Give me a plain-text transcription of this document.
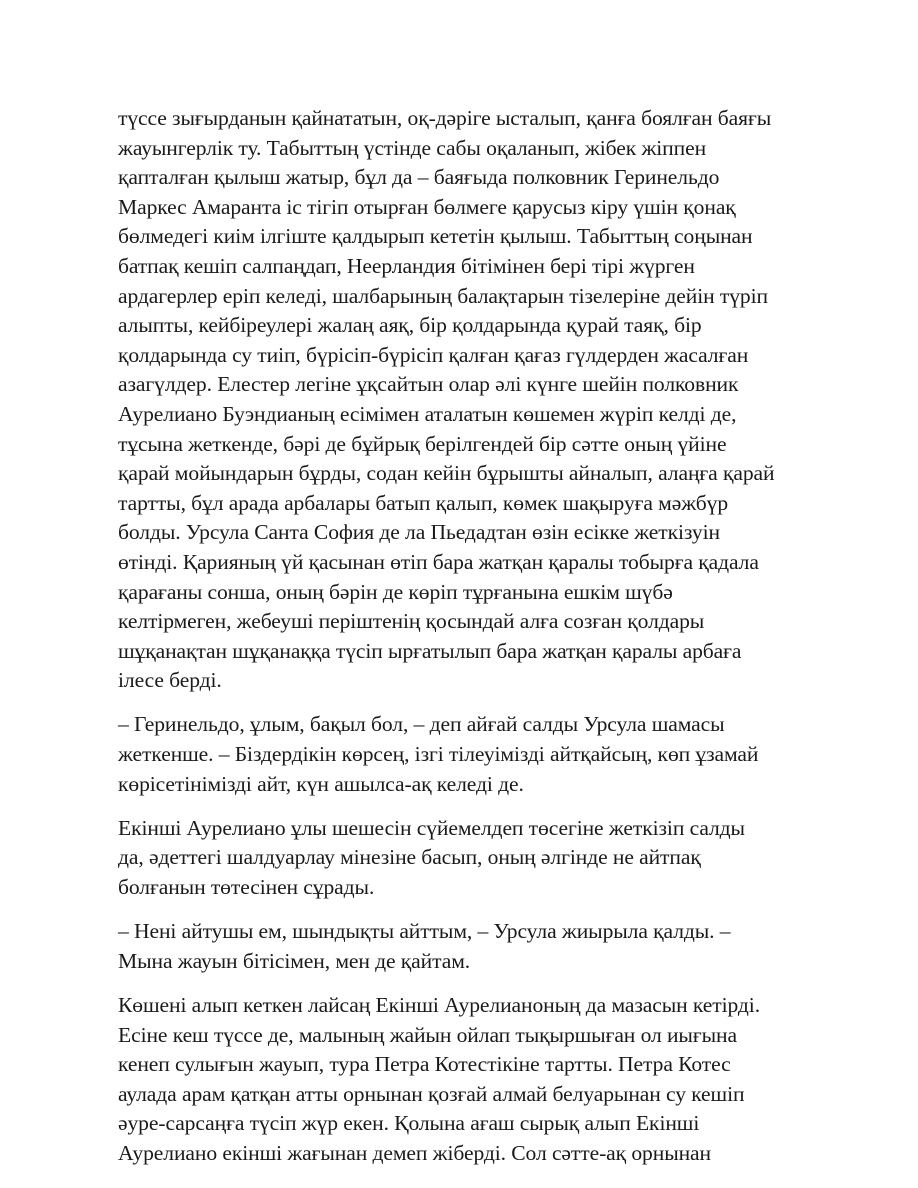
түссе зығырданын қайнататын, оқ-дәріге ысталып, қанға боялған баяғы
жауынгерлік ту. Табыттың үстінде сабы оқаланып, жібек жіппен
қапталған қылыш жатыр, бұл да – баяғыда полковник Геринельдо
Маркес Амаранта іс тігіп отырған бөлмеге қарусыз кіру үшін қонақ
бөлмедегі киім ілгіште қалдырып кететін қылыш. Табыттың соңынан
батпақ кешіп салпаңдап, Неерландия бітімінен бері тірі жүрген
ардагерлер еріп келеді, шалбарының балақтарын тізелеріне дейін түріп
алыпты, кейбіреулері жалаң аяқ, бір қолдарында қурай таяқ, бір
қолдарында су тиіп, бүрісіп-бүрісіп қалған қағаз гүлдерден жасалған
азагүлдер. Елестер легіне ұқсайтын олар әлі күнге шейін полковник
Аурелиано Буэндианың есімімен аталатын көшемен жүріп келді де,
тұсына жеткенде, бәрі де бұйрық берілгендей бір сәтте оның үйіне
қарай мойындарын бұрды, содан кейін бұрышты айналып, алаңға қарай
тартты, бұл арада арбалары батып қалып, көмек шақыруға мәжбүр
болды. Урсула Санта София де ла Пьедадтан өзін есікке жеткізуін
өтінді. Қарияның үй қасынан өтіп бара жатқан қаралы тобырға қадала
қарағаны сонша, оның бәрін де көріп тұрғанына ешкім шүбә
келтірмеген, жебеуші періштенің қосындай алға созған қолдары
шұқанақтан шұқанаққа түсіп ырғатылып бара жатқан қаралы арбаға
ілесе берді.
– Геринельдо, ұлым, бақыл бол, – деп айғай салды Урсула шамасы
жеткенше. – Біздердікін көрсең, ізгі тілеуімізді айтқайсың, көп ұзамай
көрісетінімізді айт, күн ашылса-ақ келеді де.
Екінші Аурелиано ұлы шешесін сүйемелдеп төсегіне жеткізіп салды
да, әдеттегі шалдуарлау мінезіне басып, оның әлгінде не айтпақ
болғанын төтесінен сұрады.
– Нені айтушы ем, шындықты айттым, – Урсула жиырыла қалды. –
Мына жауын бітісімен, мен де қайтам.
Көшені алып кеткен лайсаң Екінші Аурелианоның да мазасын кетірді.
Есіне кеш түссе де, малының жайын ойлап тықыршыған ол иығына
кенеп сулығын жауып, тура Петра Котестікіне тартты. Петра Котес
аулада арам қатқан атты орнынан қозғай алмай белуарынан су кешіп
әуре-сарсаңға түсіп жүр екен. Қолына ағаш сырық алып Екінші
Аурелиано екінші жағынан демеп жіберді. Сол сәтте-ақ орнынан
